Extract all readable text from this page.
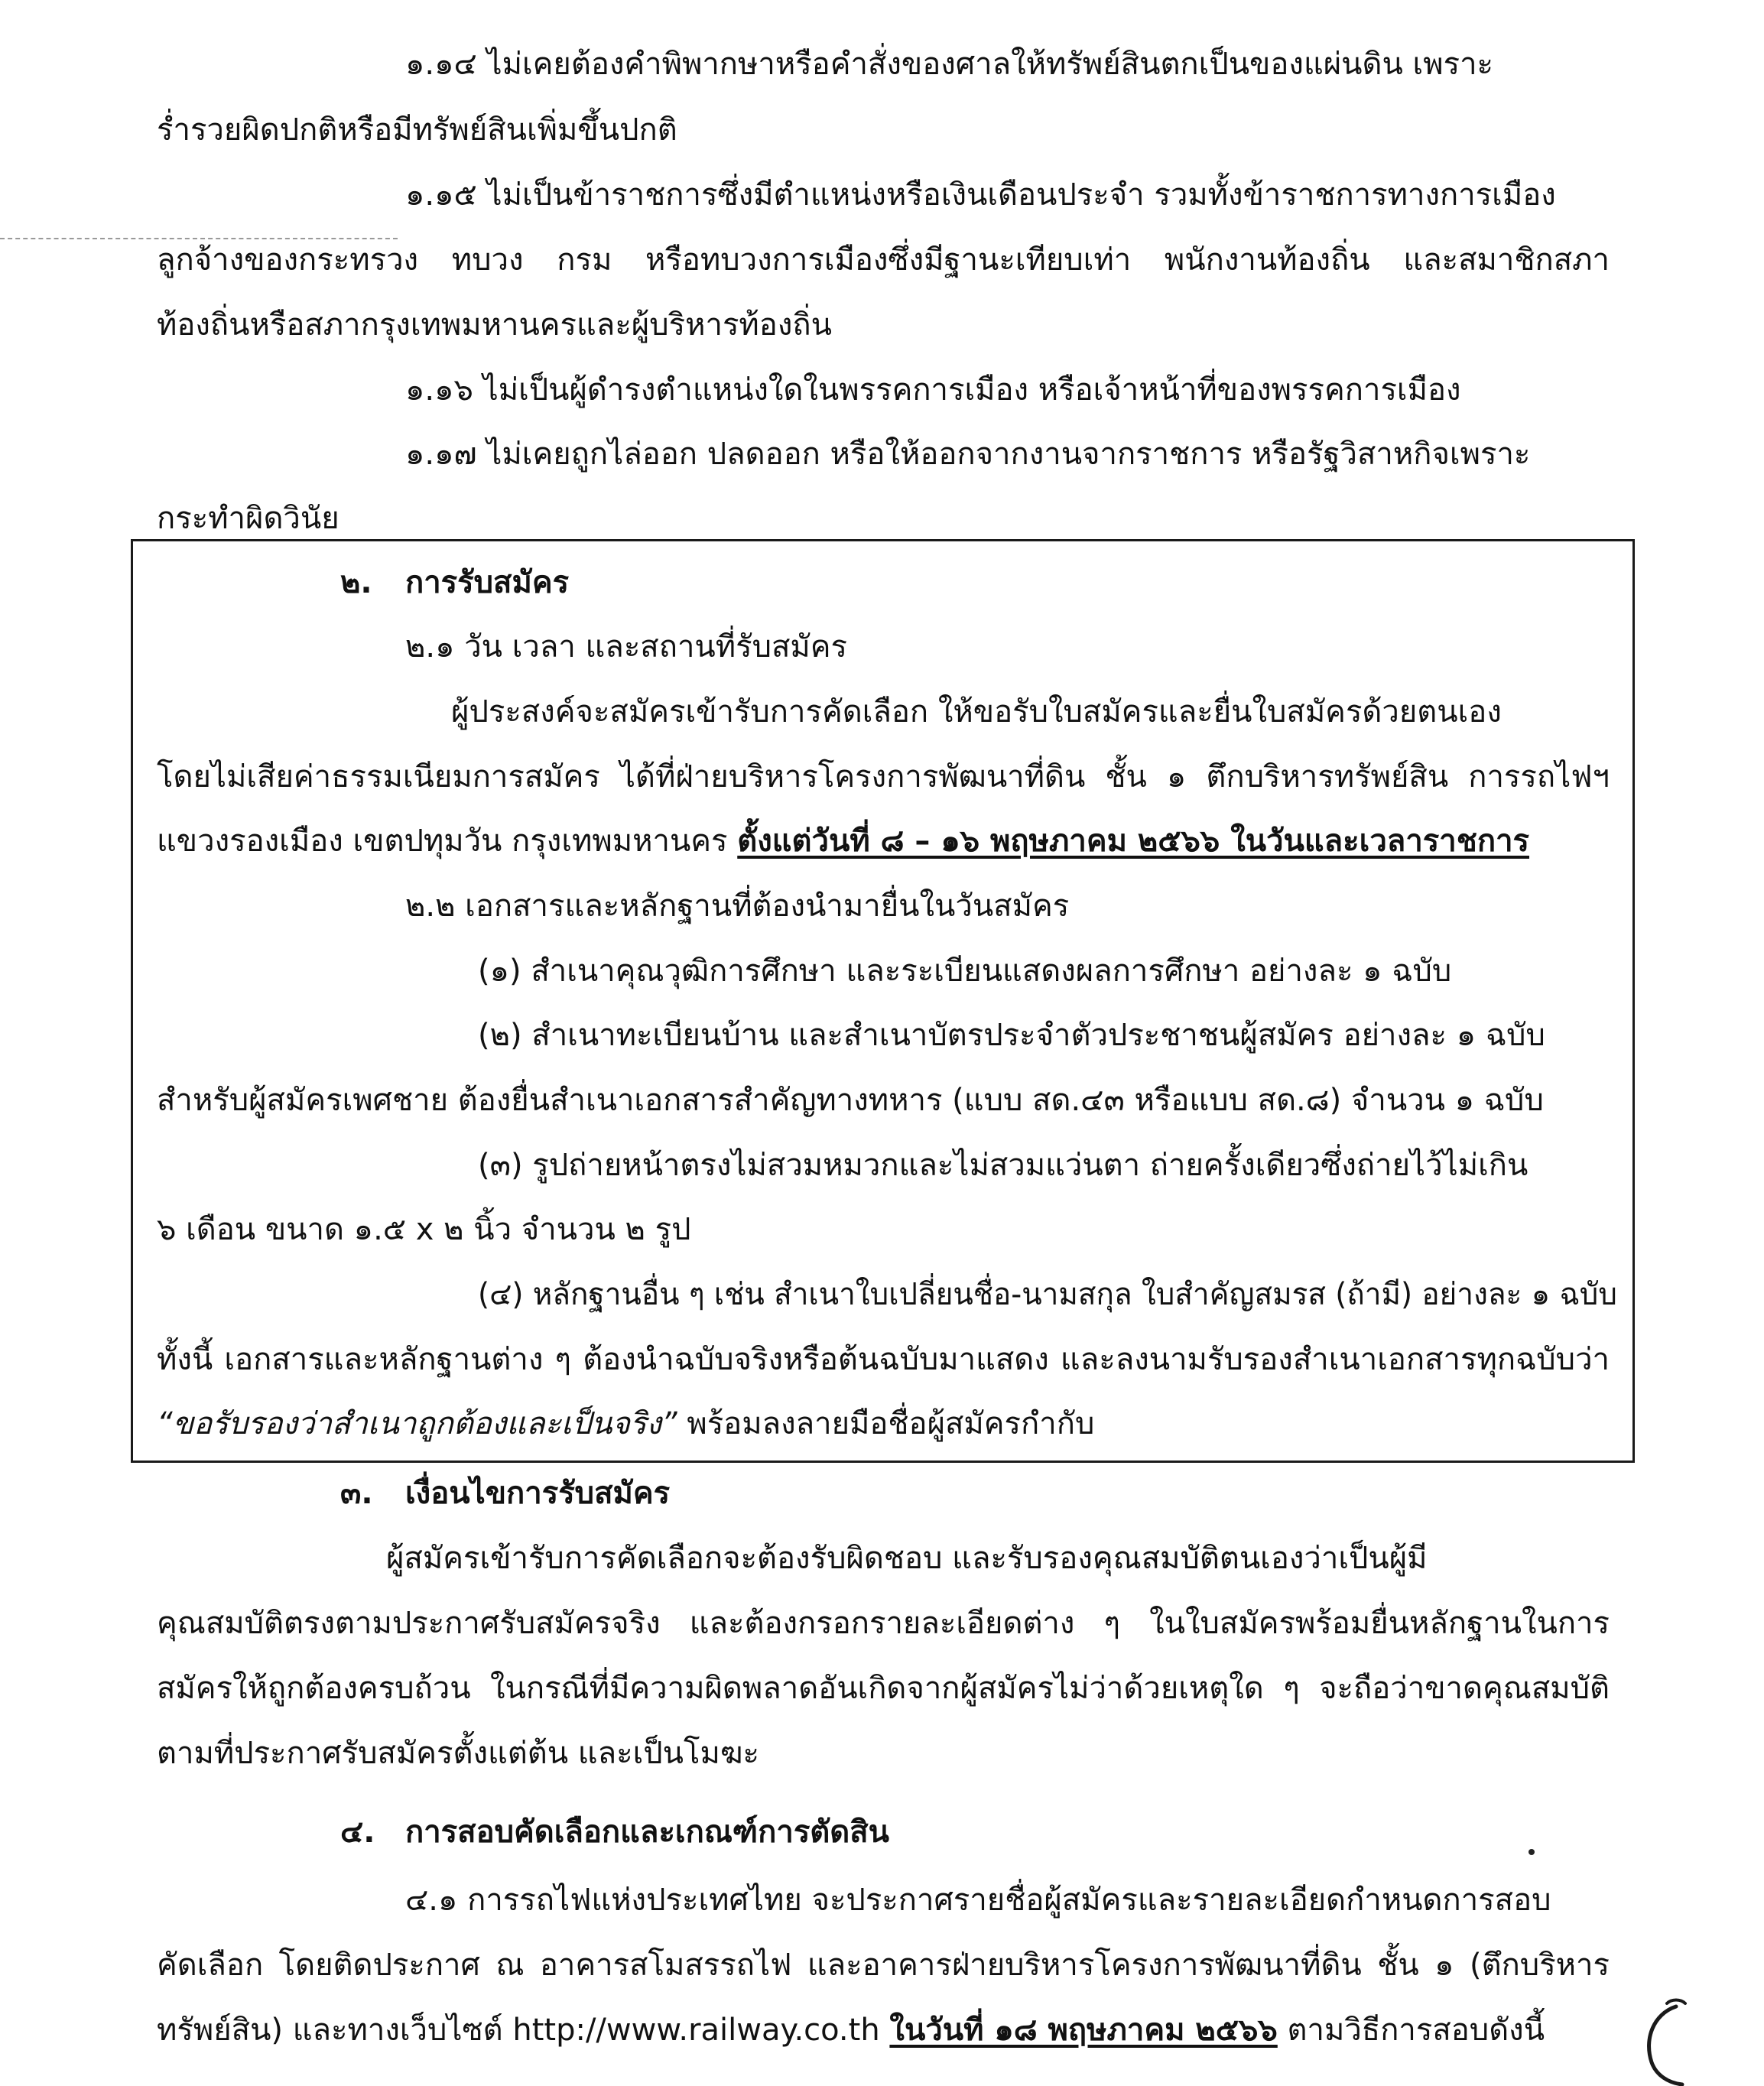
๑.๑๔ ไม่เคยต้องคำพิพากษาหรือคำสั่งของศาลให้ทรัพย์สินตกเป็นของแผ่นดิน เพราะ
ร่ำรวยผิดปกติหรือมีทรัพย์สินเพิ่มขึ้นปกติ
๑.๑๕ ไม่เป็นข้าราชการซึ่งมีตำแหน่งหรือเงินเดือนประจำ รวมทั้งข้าราชการทางการเมือง
ลูกจ้างของกระทรวง ทบวง กรม หรือทบวงการเมืองซึ่งมีฐานะเทียบเท่า พนักงานท้องถิ่น และสมาชิกสภา
ท้องถิ่นหรือสภากรุงเทพมหานครและผู้บริหารท้องถิ่น
๑.๑๖ ไม่เป็นผู้ดำรงตำแหน่งใดในพรรคการเมือง หรือเจ้าหน้าที่ของพรรคการเมือง
๑.๑๗ ไม่เคยถูกไล่ออก ปลดออก หรือให้ออกจากงานจากราชการ หรือรัฐวิสาหกิจเพราะ
กระทำผิดวินัย
๒. การรับสมัคร
๒.๑ วัน เวลา และสถานที่รับสมัคร
ผู้ประสงค์จะสมัครเข้ารับการคัดเลือก ให้ขอรับใบสมัครและยื่นใบสมัครด้วยตนเอง
โดยไม่เสียค่าธรรมเนียมการสมัคร ได้ที่ฝ่ายบริหารโครงการพัฒนาที่ดิน ชั้น ๑ ตึกบริหารทรัพย์สิน การรถไฟฯ
แขวงรองเมือง เขตปทุมวัน กรุงเทพมหานคร ตั้งแต่วันที่ ๘ – ๑๖ พฤษภาคม ๒๕๖๖ ในวันและเวลาราชการ
๒.๒ เอกสารและหลักฐานที่ต้องนำมายื่นในวันสมัคร
(๑) สำเนาคุณวุฒิการศึกษา และระเบียนแสดงผลการศึกษา อย่างละ ๑ ฉบับ
(๒) สำเนาทะเบียนบ้าน และสำเนาบัตรประจำตัวประชาชนผู้สมัคร อย่างละ ๑ ฉบับ
สำหรับผู้สมัครเพศชาย ต้องยื่นสำเนาเอกสารสำคัญทางทหาร (แบบ สด.๔๓ หรือแบบ สด.๘) จำนวน ๑ ฉบับ
(๓) รูปถ่ายหน้าตรงไม่สวมหมวกและไม่สวมแว่นตา ถ่ายครั้งเดียวซึ่งถ่ายไว้ไม่เกิน
๖ เดือน ขนาด ๑.๕ x ๒ นิ้ว จำนวน ๒ รูป
(๔) หลักฐานอื่น ๆ เช่น สำเนาใบเปลี่ยนชื่อ-นามสกุล ใบสำคัญสมรส (ถ้ามี) อย่างละ ๑ ฉบับ
ทั้งนี้ เอกสารและหลักฐานต่าง ๆ ต้องนำฉบับจริงหรือต้นฉบับมาแสดง และลงนามรับรองสำเนาเอกสารทุกฉบับว่า
“ขอรับรองว่าสำเนาถูกต้องและเป็นจริง” พร้อมลงลายมือชื่อผู้สมัครกำกับ
๓. เงื่อนไขการรับสมัคร
ผู้สมัครเข้ารับการคัดเลือกจะต้องรับผิดชอบ และรับรองคุณสมบัติตนเองว่าเป็นผู้มี
คุณสมบัติตรงตามประกาศรับสมัครจริง และต้องกรอกรายละเอียดต่าง ๆ ในใบสมัครพร้อมยื่นหลักฐานในการ
สมัครให้ถูกต้องครบถ้วน ในกรณีที่มีความผิดพลาดอันเกิดจากผู้สมัครไม่ว่าด้วยเหตุใด ๆ จะถือว่าขาดคุณสมบัติ
ตามที่ประกาศรับสมัครตั้งแต่ต้น และเป็นโมฆะ
๔. การสอบคัดเลือกและเกณฑ์การตัดสิน
๔.๑ การรถไฟแห่งประเทศไทย จะประกาศรายชื่อผู้สมัครและรายละเอียดกำหนดการสอบ
คัดเลือก โดยติดประกาศ ณ อาคารสโมสรรถไฟ และอาคารฝ่ายบริหารโครงการพัฒนาที่ดิน ชั้น ๑ (ตึกบริหาร
ทรัพย์สิน) และทางเว็บไซต์ http://www.railway.co.th ในวันที่ ๑๘ พฤษภาคม ๒๕๖๖ ตามวิธีการสอบดังนี้
